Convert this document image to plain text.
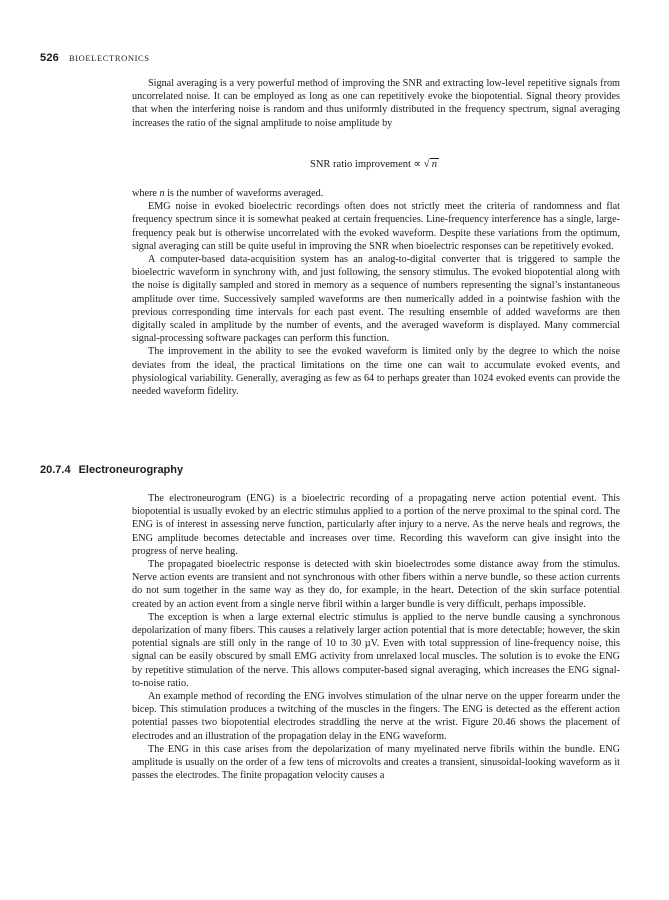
526 BIOELECTRONICS

Signal averaging is a very powerful method of improving the SNR and extracting low-level repetitive signals from uncorrelated noise. It can be employed as long as one can repetitively evoke the biopotential. Signal theory provides that when the interfering noise is random and thus uniformly distributed in the frequency spectrum, signal averaging increases the ratio of the signal amplitude to noise amplitude by

SNR ratio improvement ∝ √ n

where n is the number of waveforms averaged.

EMG noise in evoked bioelectric recordings often does not strictly meet the criteria of randomness and flat frequency spectrum since it is somewhat peaked at certain frequencies. Line-frequency interference has a single, large-frequency peak but is otherwise uncorrelated with the evoked waveform. Despite these variations from the optimum, signal averaging can still be quite useful in improving the SNR when bioelectric responses can be repetitively evoked.

A computer-based data-acquisition system has an analog-to-digital converter that is triggered to sample the bioelectric waveform in synchrony with, and just following, the sensory stimulus. The evoked biopotential along with the noise is digitally sampled and stored in memory as a sequence of numbers representing the signal’s instantaneous amplitude over time. Successively sampled waveforms are then numerically added in a pointwise fashion with the previous corresponding time intervals for each past event. The resulting ensemble of added waveforms are then digitally scaled in amplitude by the number of events, and the averaged waveform is displayed. Many commercial signal-processing software packages can perform this function.

The improvement in the ability to see the evoked waveform is limited only by the degree to which the noise deviates from the ideal, the practical limitations on the time one can wait to accumulate evoked events, and physiological variability. Generally, averaging as few as 64 to perhaps greater than 1024 evoked events can provide the needed waveform fidelity.

20.7.4 Electroneurography

The electroneurogram (ENG) is a bioelectric recording of a propagating nerve action potential event. This biopotential is usually evoked by an electric stimulus applied to a portion of the nerve proximal to the spinal cord. The ENG is of interest in assessing nerve function, particularly after injury to a nerve. As the nerve heals and regrows, the ENG amplitude becomes detectable and increases over time. Recording this waveform can give insight into the progress of nerve healing.

The propagated bioelectric response is detected with skin bioelectrodes some distance away from the stimulus. Nerve action events are transient and not synchronous with other fibers within a nerve bundle, so these action currents do not sum together in the same way as they do, for example, in the heart. Detection of the skin surface potential created by an action event from a single nerve fibril within a larger bundle is very difficult, perhaps impossible.

The exception is when a large external electric stimulus is applied to the nerve bundle causing a synchronous depolarization of many fibers. This causes a relatively larger action potential that is more detectable; however, the skin potential signals are still only in the range of 10 to 30 µV. Even with total suppression of line-frequency noise, this signal can be easily obscured by small EMG activity from unrelaxed local muscles. The solution is to evoke the ENG by repetitive stimulation of the nerve. This allows computer-based signal averaging, which increases the ENG signal-to-noise ratio.

An example method of recording the ENG involves stimulation of the ulnar nerve on the upper forearm under the bicep. This stimulation produces a twitching of the muscles in the fingers. The ENG is detected as the efferent action potential passes two biopotential electrodes straddling the nerve at the wrist. Figure 20.46 shows the placement of electrodes and an illustration of the propagation delay in the ENG waveform.

The ENG in this case arises from the depolarization of many myelinated nerve fibrils within the bundle. ENG amplitude is usually on the order of a few tens of microvolts and creates a transient, sinusoidal-looking waveform as it passes the electrodes. The finite propagation velocity causes a
